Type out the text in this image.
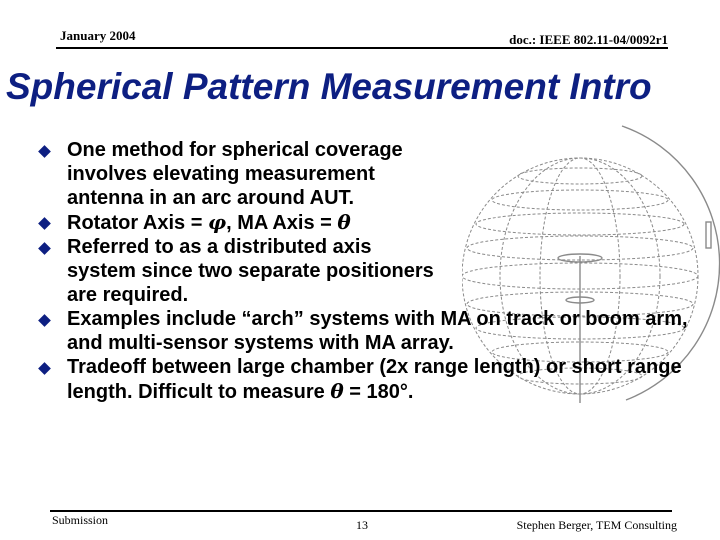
January 2004	doc.: IEEE 802.11-04/0092r1
Spherical Pattern Measurement Intro
One method for spherical coverage involves elevating measurement antenna in an arc around AUT.
Rotator Axis = φ, MA Axis = θ
Referred to as a distributed axis system since two separate positioners are required.
Examples include “arch” systems with MA on track or boom arm, and multi-sensor systems with MA array.
Tradeoff between large chamber (2x range length) or short range length. Difficult to measure θ = 180°.
Submission	13	Stephen Berger, TEM Consulting
